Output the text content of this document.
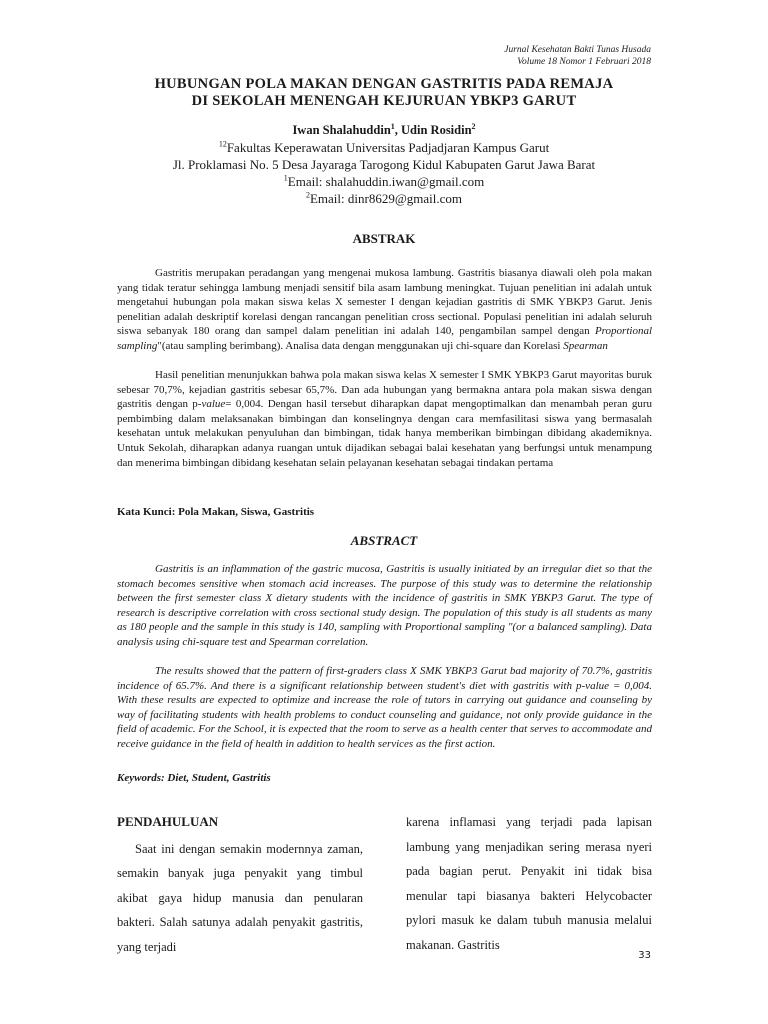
Jurnal Kesehatan Bakti Tunas Husada
Volume 18 Nomor 1 Februari 2018
HUBUNGAN POLA MAKAN DENGAN GASTRITIS PADA REMAJA
DI SEKOLAH MENENGAH KEJURUAN YBKP3 GARUT
Iwan Shalahuddin$^1$, Udin Rosidin$^2$
$^{12}$Fakultas Keperawatan Universitas Padjadjaran Kampus Garut
Jl. Proklamasi No. 5 Desa Jayaraga Tarogong Kidul Kabupaten Garut Jawa Barat
$^1$Email: shalahuddin.iwan@gmail.com
$^2$Email: dinr8629@gmail.com
ABSTRAK
Gastritis merupakan peradangan yang mengenai mukosa lambung. Gastritis biasanya diawali oleh pola makan yang tidak teratur sehingga lambung menjadi sensitif bila asam lambung meningkat. Tujuan penelitian ini adalah untuk mengetahui hubungan pola makan siswa kelas X semester I dengan kejadian gastritis di SMK YBKP3 Garut. Jenis penelitian adalah deskriptif korelasi dengan rancangan penelitian cross sectional. Populasi penelitian ini adalah seluruh siswa sebanyak 180 orang dan sampel dalam penelitian ini adalah 140, pengambilan sampel dengan Proportional sampling"(atau sampling berimbang). Analisa data dengan menggunakan uji chi-square dan Korelasi Spearman
Hasil penelitian menunjukkan bahwa pola makan siswa kelas X semester I SMK YBKP3 Garut mayoritas buruk sebesar 70,7%, kejadian gastritis sebesar 65,7%. Dan ada hubungan yang bermakna antara pola makan siswa dengan gastritis dengan p-value= 0,004. Dengan hasil tersebut diharapkan dapat mengoptimalkan dan menambah peran guru pembimbing dalam melaksanakan bimbingan dan konselingnya dengan cara memfasilitasi siswa yang bermasalah kesehatan untuk melakukan penyuluhan dan bimbingan, tidak hanya memberikan bimbingan dibidang akademiknya. Untuk Sekolah, diharapkan adanya ruangan untuk dijadikan sebagai balai kesehatan yang berfungsi untuk menampung dan menerima bimbingan dibidang kesehatan selain pelayanan kesehatan sebagai tindakan pertama
Kata Kunci: Pola Makan, Siswa, Gastritis
ABSTRACT
Gastritis is an inflammation of the gastric mucosa, Gastritis is usually initiated by an irregular diet so that the stomach becomes sensitive when stomach acid increases. The purpose of this study was to determine the relationship between the first semester class X dietary students with the incidence of gastritis in SMK YBKP3 Garut. The type of research is descriptive correlation with cross sectional study design. The population of this study is all students as many as 180 people and the sample in this study is 140, sampling with Proportional sampling "(or a balanced sampling). Data analysis using chi-square test and Spearman correlation.
The results showed that the pattern of first-graders class X SMK YBKP3 Garut bad majority of 70.7%, gastritis incidence of 65.7%. And there is a significant relationship between student's diet with gastritis with p-value = 0,004. With these results are expected to optimize and increase the role of tutors in carrying out guidance and counseling by way of facilitating students with health problems to conduct counseling and guidance, not only provide guidance in the field of academic. For the School, it is expected that the room to serve as a health center that serves to accommodate and receive guidance in the field of health in addition to health services as the first action.
Keywords: Diet, Student, Gastritis
PENDAHULUAN
Saat ini dengan semakin modernnya zaman, semakin banyak juga penyakit yang timbul akibat gaya hidup manusia dan penularan bakteri. Salah satunya adalah penyakit gastritis, yang terjadi
karena inflamasi yang terjadi pada lapisan lambung yang menjadikan sering merasa nyeri pada bagian perut. Penyakit ini tidak bisa menular tapi biasanya bakteri Helycobacter pylori masuk ke dalam tubuh manusia melalui makanan. Gastritis
33
